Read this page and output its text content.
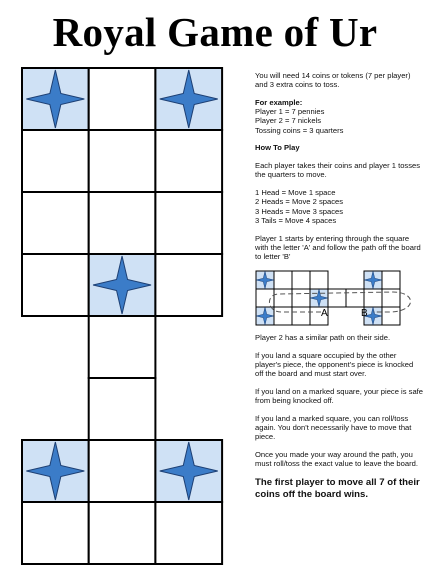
Royal Game of Ur

You will need 14 coins or tokens (7 per player) and 3 extra coins to toss.

For example:
Player 1 = 7 pennies
Player 2 = 7 nickels
Tossing coins = 3 quarters

How To Play

Each player takes their coins and player 1 tosses the quarters to move.

1 Head = Move 1 space
2 Heads = Move 2 spaces
3 Heads = Move 3 spaces
3 Tails = Move 4 spaces

Player 1 starts by entering through the square with the letter 'A' and follow the path off the board to letter 'B'

A	B

Player 2 has a similar path on their side.

If you land a square occupied by the other player's piece, the opponent's piece is knocked off the board and must start over.

If you land on a marked square, your piece is safe from being knocked off.

If you land a marked square, you can roll/toss again. You don't necessarily have to move that piece.

Once you made your way around the path, you must roll/toss the exact value to leave the board.

The first player to move all 7 of their coins off the board wins.
